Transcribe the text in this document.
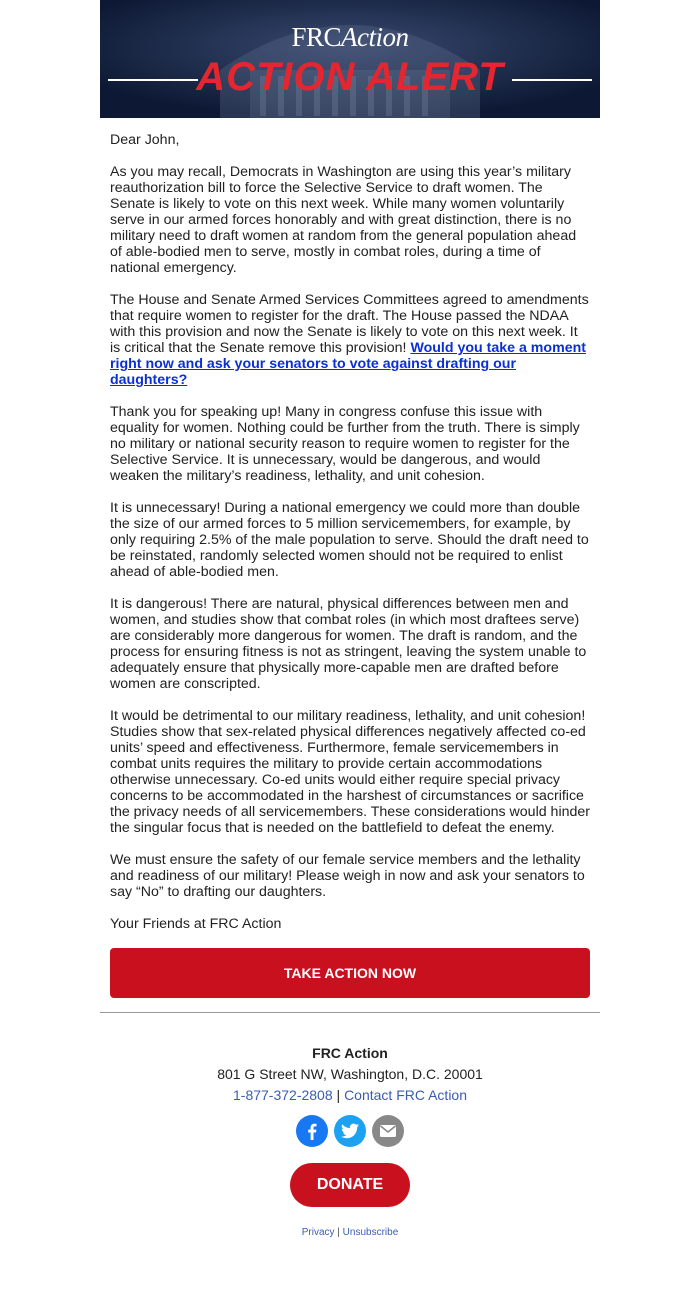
FRCAction
ACTION ALERT

Dear John,

As you may recall, Democrats in Washington are using this year’s military reauthorization bill to force the Selective Service to draft women. The Senate is likely to vote on this next week. While many women voluntarily serve in our armed forces honorably and with great distinction, there is no military need to draft women at random from the general population ahead of able-bodied men to serve, mostly in combat roles, during a time of national emergency.

The House and Senate Armed Services Committees agreed to amendments that require women to register for the draft. The House passed the NDAA with this provision and now the Senate is likely to vote on this next week. It is critical that the Senate remove this provision! Would you take a moment right now and ask your senators to vote against drafting our daughters?

Thank you for speaking up! Many in congress confuse this issue with equality for women. Nothing could be further from the truth. There is simply no military or national security reason to require women to register for the Selective Service. It is unnecessary, would be dangerous, and would weaken the military’s readiness, lethality, and unit cohesion.

It is unnecessary! During a national emergency we could more than double the size of our armed forces to 5 million servicemembers, for example, by only requiring 2.5% of the male population to serve. Should the draft need to be reinstated, randomly selected women should not be required to enlist ahead of able-bodied men.

It is dangerous! There are natural, physical differences between men and women, and studies show that combat roles (in which most draftees serve) are considerably more dangerous for women. The draft is random, and the process for ensuring fitness is not as stringent, leaving the system unable to adequately ensure that physically more-capable men are drafted before women are conscripted.

It would be detrimental to our military readiness, lethality, and unit cohesion! Studies show that sex-related physical differences negatively affected co-ed units’ speed and effectiveness. Furthermore, female servicemembers in combat units requires the military to provide certain accommodations otherwise unnecessary. Co-ed units would either require special privacy concerns to be accommodated in the harshest of circumstances or sacrifice the privacy needs of all servicemembers. These considerations would hinder the singular focus that is needed on the battlefield to defeat the enemy.

We must ensure the safety of our female service members and the lethality and readiness of our military! Please weigh in now and ask your senators to say “No” to drafting our daughters.

Your Friends at FRC Action

TAKE ACTION NOW
FRC Action
801 G Street NW, Washington, D.C. 20001
1-877-372-2808 | Contact FRC Action
DONATE
Privacy | Unsubscribe
